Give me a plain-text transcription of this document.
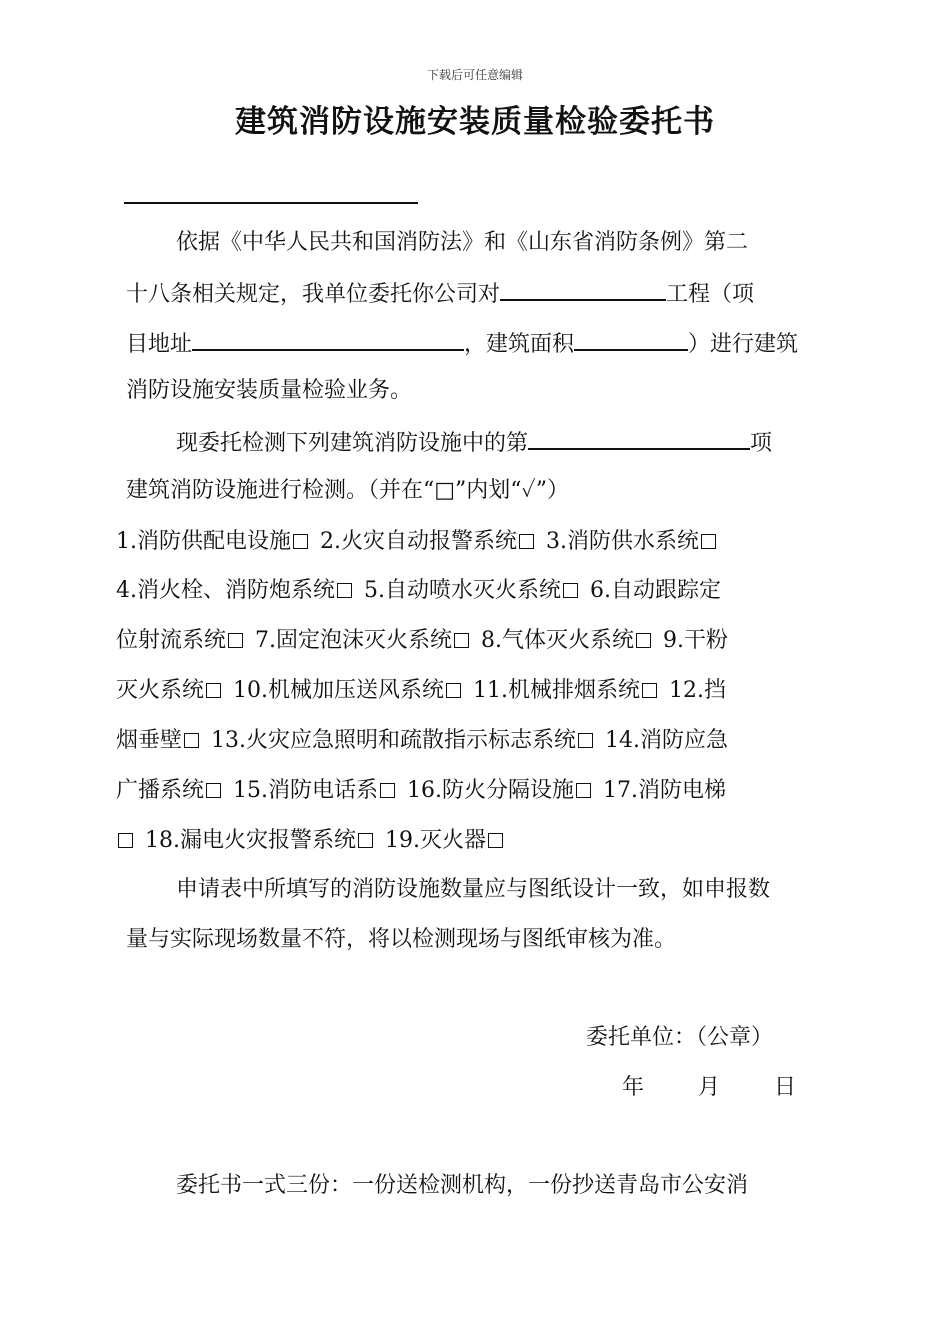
下载后可任意编辑
建筑消防设施安装质量检验委托书
依据《中华人民共和国消防法》和《山东省消防条例》第二
十八条相关规定，我单位委托你公司对	工程（项
目地址	，建筑面积	）进行建筑
消防设施安装质量检验业务。
现委托检测下列建筑消防设施中的第	项
建筑消防设施进行检测。（并在“□”内划“✓”）
1.消防供配电设施 2.火灾自动报警系统 3.消防供水系统
4.消火栓、消防炮系统 5.自动喷水灭火系统 6.自动跟踪定
位射流系统 7.固定泡沫灭火系统 8.气体灭火系统 9.干粉
灭火系统 10.机械加压送风系统 11.机械排烟系统 12.挡
烟垂壁 13.火灾应急照明和疏散指示标志系统 14.消防应急
广播系统 15.消防电话系 16.防火分隔设施 17.消防电梯
18.漏电火灾报警系统 19.灭火器
申请表中所填写的消防设施数量应与图纸设计一致，如申报数
量与实际现场数量不符，将以检测现场与图纸审核为准。
委托单位：（公章）
年 月 日
委托书一式三份：一份送检测机构，一份抄送青岛市公安消
